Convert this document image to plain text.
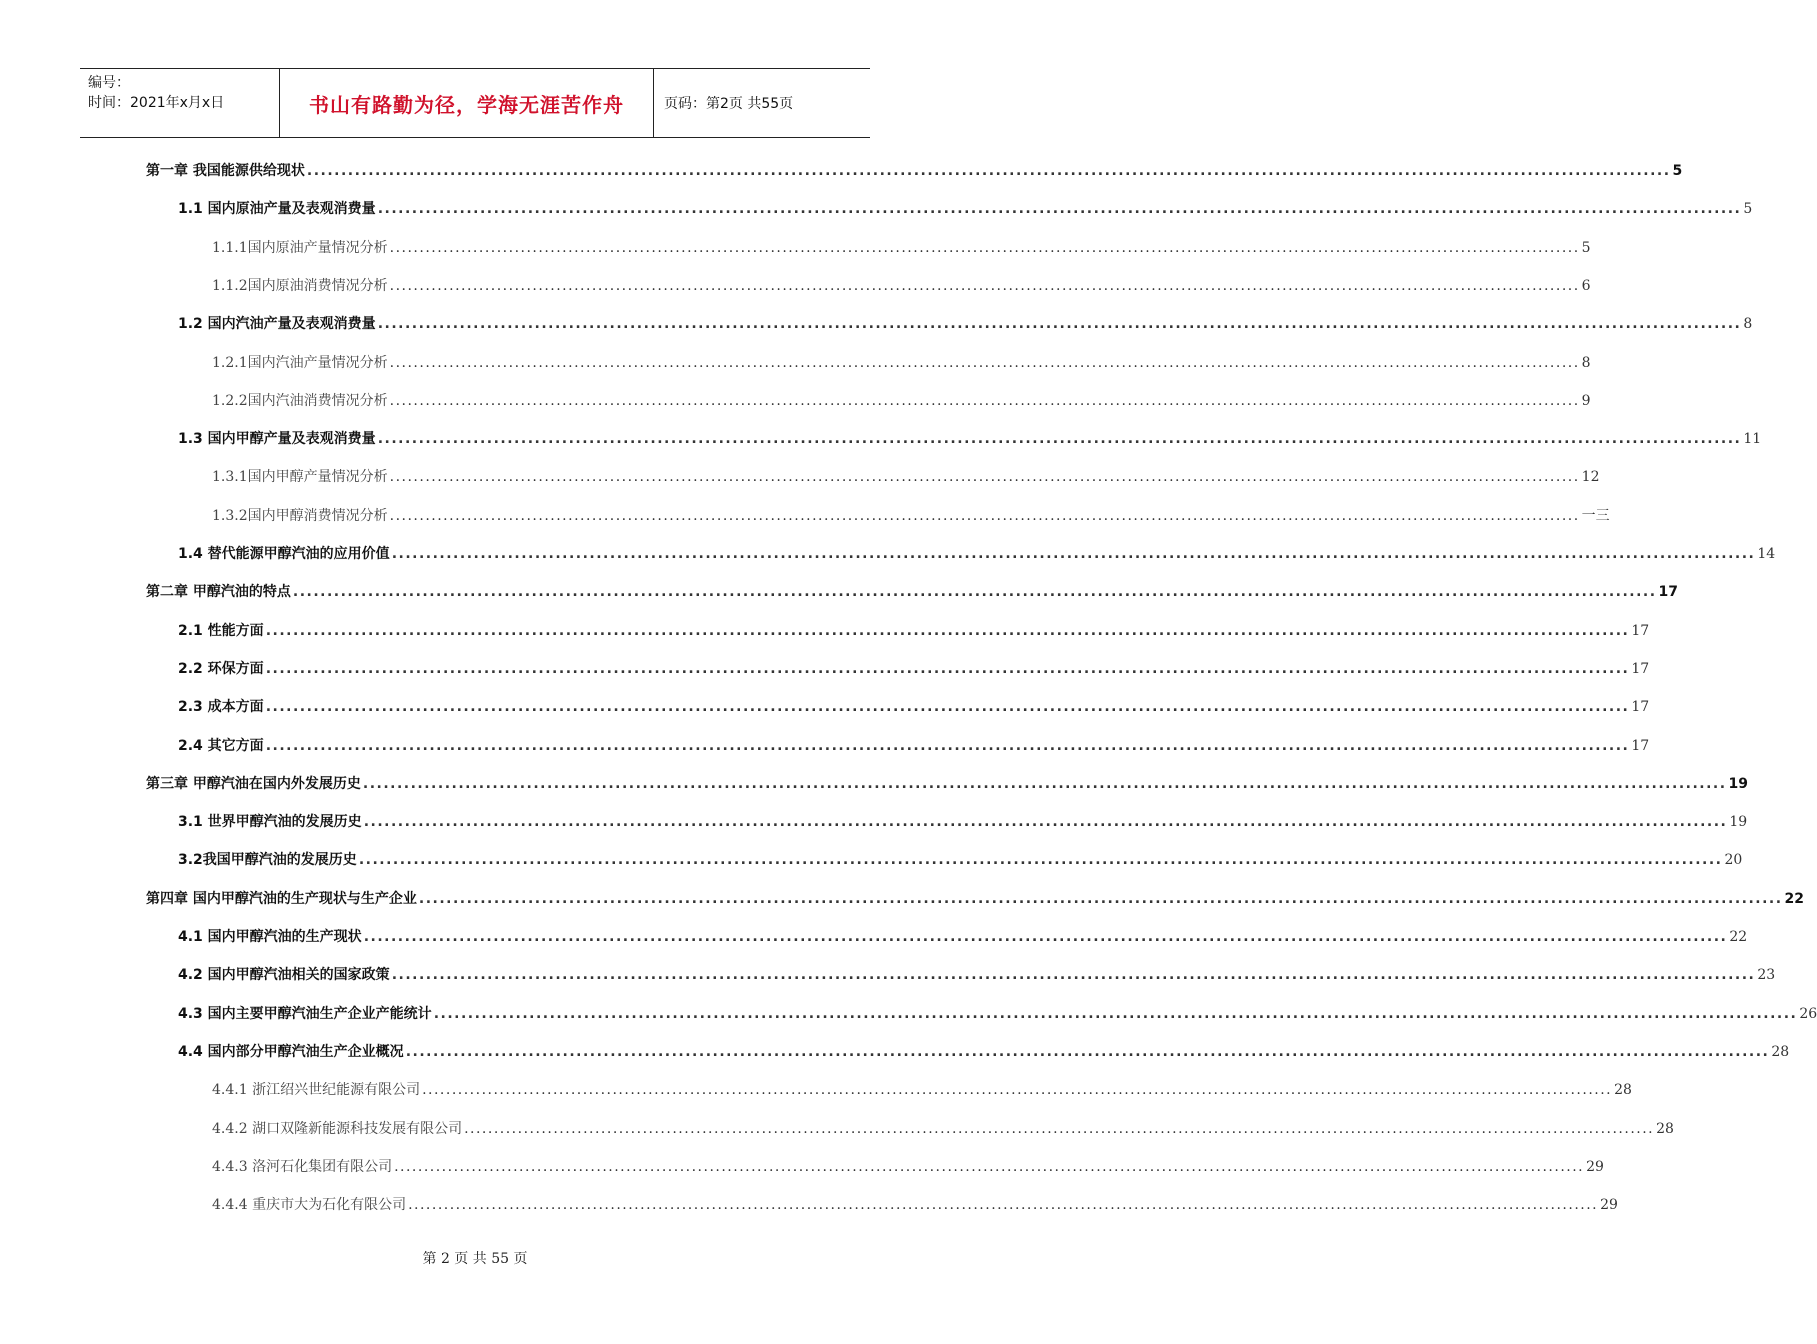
编号：
时间：2021年x月x日	书山有路勤为径，学海无涯苦作舟	页码：第2页 共55页
第一章 我国能源供给现状 ........................................................................................................................................................................................................ 5
1.1 国内原油产量及表观消费量 ........................................................................................................................................................................................................ 5
1.1.1国内原油产量情况分析 ........................................................................................................................................................................................................ 5
1.1.2国内原油消费情况分析 ........................................................................................................................................................................................................ 6
1.2 国内汽油产量及表观消费量 ........................................................................................................................................................................................................ 8
1.2.1国内汽油产量情况分析 ........................................................................................................................................................................................................ 8
1.2.2国内汽油消费情况分析 ........................................................................................................................................................................................................ 9
1.3 国内甲醇产量及表观消费量 ........................................................................................................................................................................................................ 11
1.3.1国内甲醇产量情况分析 ........................................................................................................................................................................................................ 12
1.3.2国内甲醇消费情况分析 ........................................................................................................................................................................................................ 一三
1.4 替代能源甲醇汽油的应用价值 ........................................................................................................................................................................................................ 14
第二章 甲醇汽油的特点 ........................................................................................................................................................................................................ 17
2.1 性能方面 ........................................................................................................................................................................................................ 17
2.2 环保方面 ........................................................................................................................................................................................................ 17
2.3 成本方面 ........................................................................................................................................................................................................ 17
2.4 其它方面 ........................................................................................................................................................................................................ 17
第三章 甲醇汽油在国内外发展历史 ........................................................................................................................................................................................................ 19
3.1 世界甲醇汽油的发展历史 ........................................................................................................................................................................................................ 19
3.2我国甲醇汽油的发展历史 ........................................................................................................................................................................................................ 20
第四章 国内甲醇汽油的生产现状与生产企业 ........................................................................................................................................................................................................ 22
4.1 国内甲醇汽油的生产现状 ........................................................................................................................................................................................................ 22
4.2 国内甲醇汽油相关的国家政策 ........................................................................................................................................................................................................ 23
4.3 国内主要甲醇汽油生产企业产能统计 ........................................................................................................................................................................................................ 26
4.4 国内部分甲醇汽油生产企业概况 ........................................................................................................................................................................................................ 28
4.4.1 浙江绍兴世纪能源有限公司 ........................................................................................................................................................................................................ 28
4.4.2 湖口双隆新能源科技发展有限公司 ........................................................................................................................................................................................................ 28
4.4.3 洛河石化集团有限公司 ........................................................................................................................................................................................................ 29
4.4.4 重庆市大为石化有限公司 ........................................................................................................................................................................................................ 29
第 2 页 共 55 页
